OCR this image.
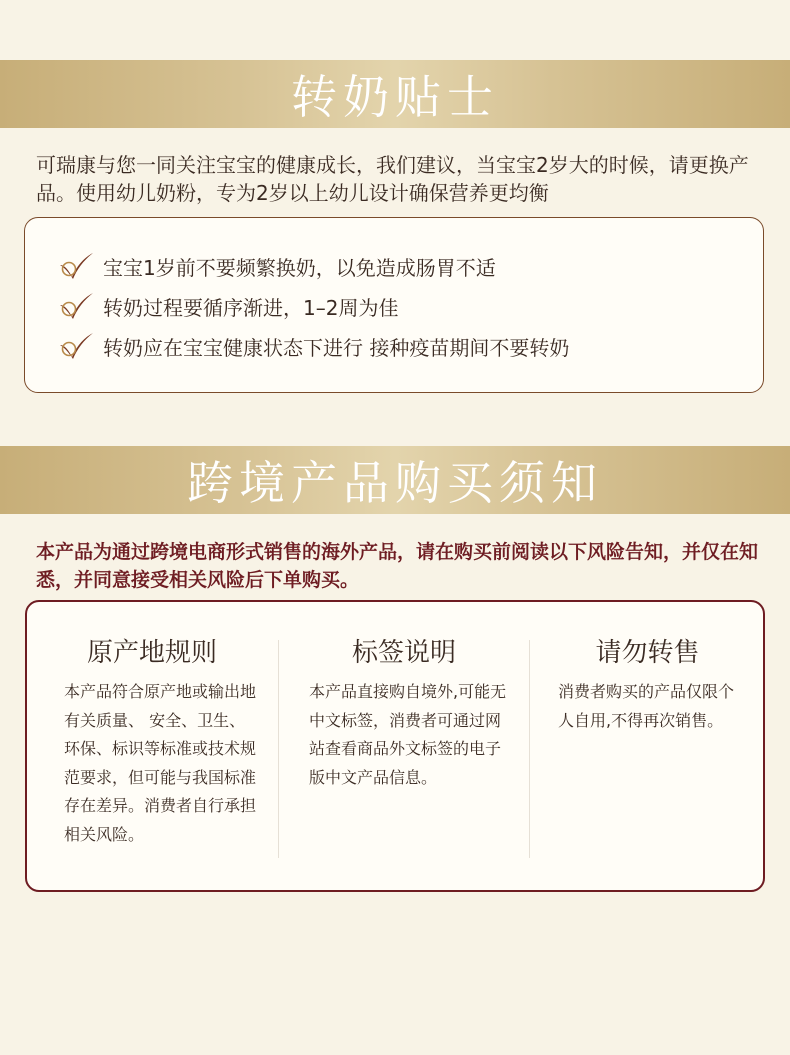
转奶贴士
可瑞康与您一同关注宝宝的健康成长，我们建议，当宝宝2岁大的时候，请更换产品。使用幼儿奶粉，专为2岁以上幼儿设计确保营养更均衡
宝宝1岁前不要频繁换奶，以免造成肠胃不适
转奶过程要循序渐进，1–2周为佳
转奶应在宝宝健康状态下进行 接种疫苗期间不要转奶
跨境产品购买须知
本产品为通过跨境电商形式销售的海外产品，请在购买前阅读以下风险告知，并仅在知悉，并同意接受相关风险后下单购买。
原产地规则

本产品符合原产地或输出地有关质量、 安全、卫生、环保、标识等标准或技术规范要求，但可能与我国标准存在差异。消费者自行承担相关风险。

标签说明

本产品直接购自境外,可能无中文标签，消费者可通过网站查看商品外文标签的电子版中文产品信息。

请勿转售

消费者购买的产品仅限个人自用,不得再次销售。
